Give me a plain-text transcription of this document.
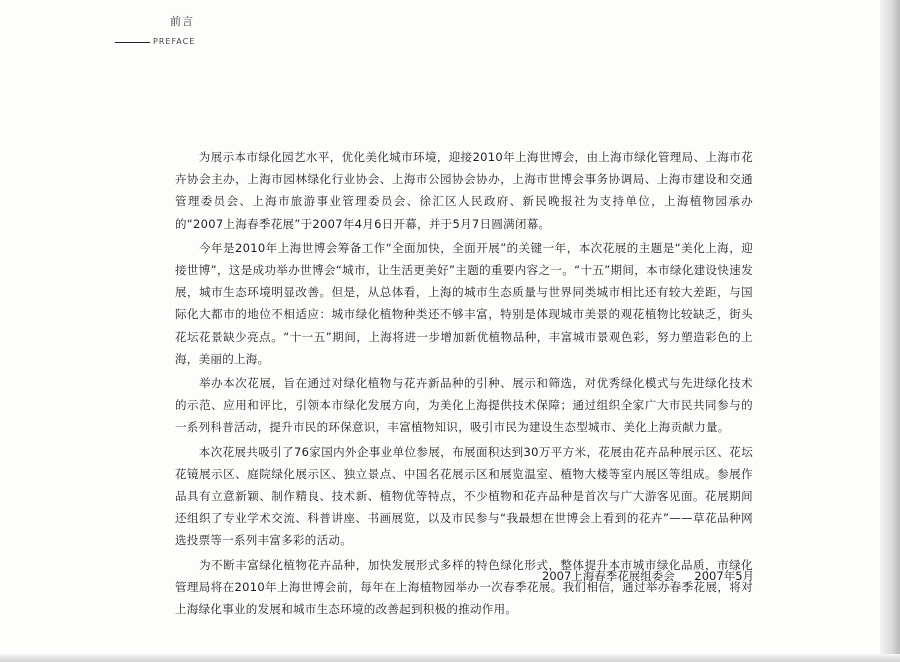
前言
PREFACE

　　为展示本市绿化园艺水平，优化美化城市环境，迎接2010年上海世博会，由上海市绿化管理局、上海市花卉协会主办，上海市园林绿化行业协会、上海市公园协会协办，上海市世博会事务协调局、上海市建设和交通管理委员会、上海市旅游事业管理委员会、徐汇区人民政府、新民晚报社为支持单位，上海植物园承办的“2007上海春季花展”于2007年4月6日开幕，并于5月7日圆满闭幕。

　　今年是2010年上海世博会筹备工作“全面加快，全面开展”的关键一年，本次花展的主题是“美化上海，迎接世博”，这是成功举办世博会“城市，让生活更美好”主题的重要内容之一。“十五”期间，本市绿化建设快速发展，城市生态环境明显改善。但是，从总体看，上海的城市生态质量与世界同类城市相比还有较大差距，与国际化大都市的地位不相适应：城市绿化植物种类还不够丰富，特别是体现城市美景的观花植物比较缺乏，街头花坛花景缺少亮点。“十一五”期间，上海将进一步增加新优植物品种，丰富城市景观色彩，努力塑造彩色的上海，美丽的上海。

　　举办本次花展，旨在通过对绿化植物与花卉新品种的引种、展示和筛选，对优秀绿化模式与先进绿化技术的示范、应用和评比，引领本市绿化发展方向，为美化上海提供技术保障；通过组织全家广大市民共同参与的一系列科普活动，提升市民的环保意识，丰富植物知识，吸引市民为建设生态型城市、美化上海贡献力量。

　　本次花展共吸引了76家国内外企事业单位参展，布展面积达到30万平方米，花展由花卉品种展示区、花坛花镜展示区、庭院绿化展示区、独立景点、中国名花展示区和展览温室、植物大楼等室内展区等组成。参展作品具有立意新颖、制作精良、技术新、植物优等特点，不少植物和花卉品种是首次与广大游客见面。花展期间还组织了专业学术交流、科普讲座、书画展览，以及市民参与“我最想在世博会上看到的花卉”——草花品种网选投票等一系列丰富多彩的活动。

　　为不断丰富绿化植物花卉品种，加快发展形式多样的特色绿化形式，整体提升本市城市绿化品质，市绿化管理局将在2010年上海世博会前，每年在上海植物园举办一次春季花展。我们相信，通过举办春季花展，将对上海绿化事业的发展和城市生态环境的改善起到积极的推动作用。

2007上海春季花展组委会 2007年5月
